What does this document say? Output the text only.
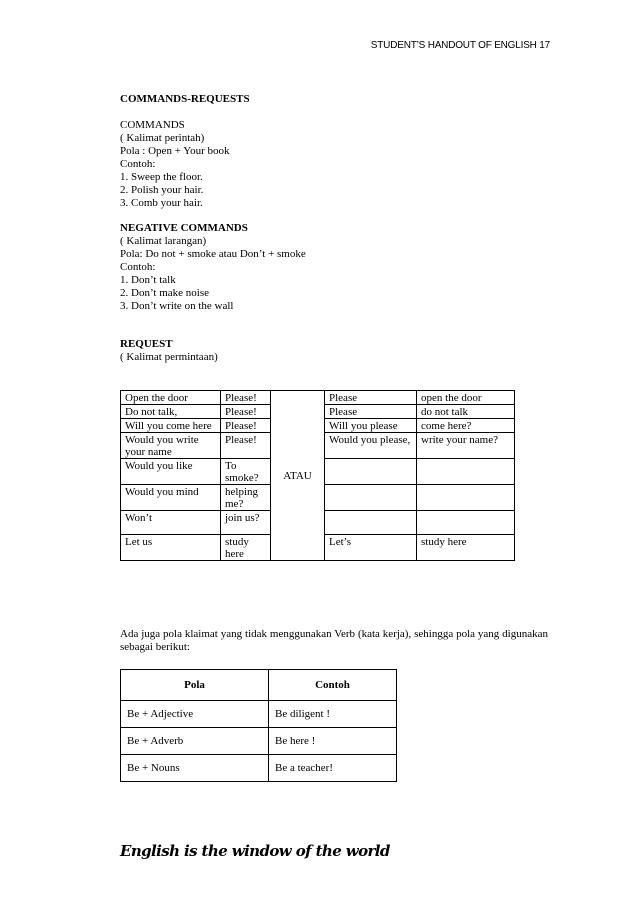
STUDENT’S HANDOUT OF ENGLISH 17
COMMANDS-REQUESTS
COMMANDS
( Kalimat perintah)
Pola : Open + Your book
Contoh:
1. Sweep the floor.
2. Polish your hair.
3. Comb your hair.
NEGATIVE COMMANDS
( Kalimat larangan)
Pola: Do not + smoke atau Don’t + smoke
Contoh:
1. Don’t talk
2. Don’t make noise
3. Don’t write on the wall
REQUEST
( Kalimat permintaan)
Open the door	Please!	ATAU	Please	open the door
Do not talk,	Please!		Please	do not talk
Will you come here	Please!		Will you please	come here?
Would you write your name	Please!		Would you please,	write your name?
Would you like	To smoke?			
Would you mind	helping me?			
Won’t	join us?			
Let us	study here		Let’s	study here
Ada juga pola klaimat yang tidak menggunakan Verb (kata kerja), sehingga pola yang digunakan sebagai berikut:
Pola	Contoh
Be + Adjective	Be diligent !
Be + Adverb	Be here !
Be + Nouns	Be a teacher!
English is the window of the world
